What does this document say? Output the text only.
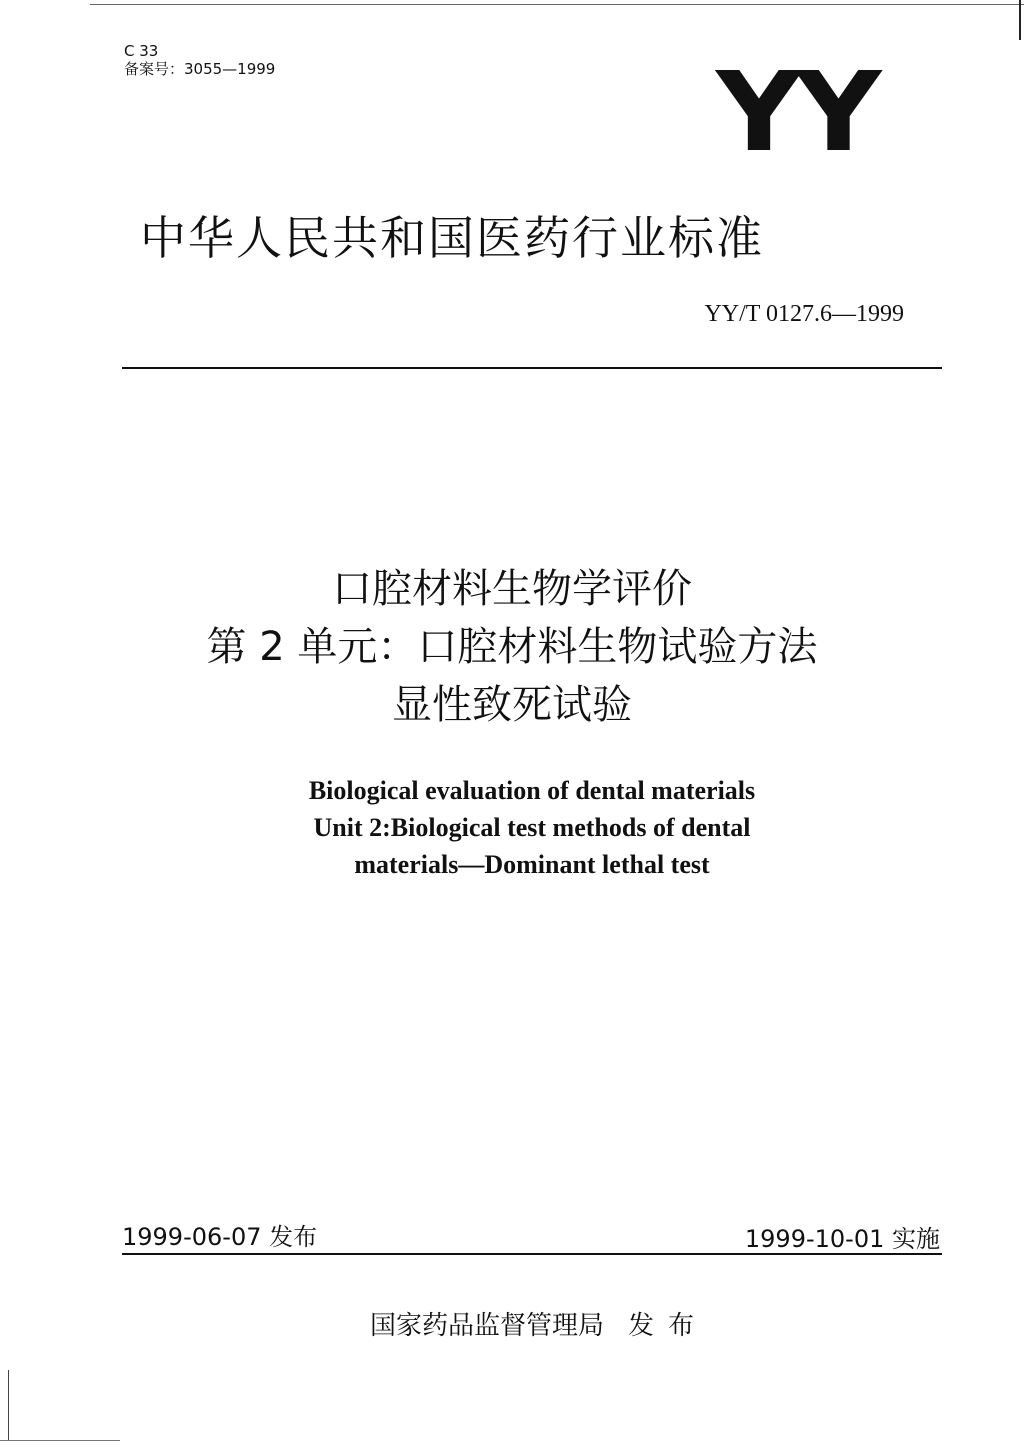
C 33
备案号：3055—1999	YY
中华人民共和国医药行业标准
YY/T 0127.6—1999
口腔材料生物学评价
第 2 单元：口腔材料生物试验方法
显性致死试验
Biological evaluation of dental materials
Unit 2:Biological test methods of dental
materials—Dominant lethal test
1999-06-07 发布	1999-10-01 实施
国家药品监督管理局 发布
